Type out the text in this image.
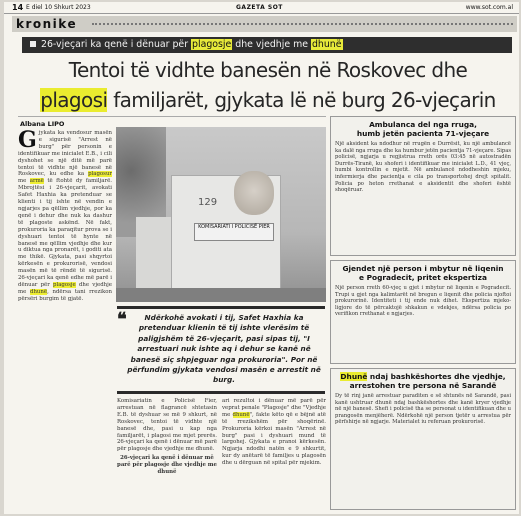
14 E diel 10 Shkurt 2023	GAZETA SOT	www.sot.com.al
kronike
26-vjeçari ka qenë i dënuar për plagosje dhe vjedhje me dhunë
Tentoi të vidhte banesën në Roskovec dhe
plagosi familjarët, gjykata lë në burg 26-vjeçarin
Albana LIPO
Gjykata ka vendosur masën e sigurisë "Arrest në burg" për personin e identifikuar me inicialet E.B., i cili dyshohet se një ditë më parë tentoi të vidhte një banesë në Roskovec, ku edhe ka plagosur me armë të ftohtë dy familjarë. Mbrojtësi i 26-vjeçarit, avokati Safet Haxhia ka pretenduar se klienti i tij ishte në vendin e ngjarjes pa qëllim vjedhje, por ka qenë i dehur dhe nuk ka dashur të plagoste askënd. Në fakt, prokuroria ka paraqitur prova se i dyshuari tentoi të hynte në banesë me qëllim vjedhje dhe kur u diktua nga pronarët, i goditi ata me thikë. Gjykata, pasi shqyrtoi kërkesën e prokurorisë, vendosi masën më të rëndë të sigurisë. 26-vjeçari ka qenë edhe më parë i dënuar për plagosje dhe vjedhje me dhunë, ndërsa tani rrezikon përsëri burgim të gjatë.
129
KOMISARIATI I POLICISË PIER
❝	Ndërkohë avokati i tij, Safet Haxhia ka pretenduar klienin të tij ishte vlerësim të paligjshëm të 26-vjeçarit, pasi sipas tij, "I arrestuari nuk ishte aq i dehur se kanë në banesë siç shpjeguar nga prokuroria". Por në përfundim gjykata vendosi masën e arrestit në burg.

Komisariatin e Policisë Fier, arrestuan në flagrancë shtetasin E.B. të dyshuar se më 9 shkurt, në Roskovec, tentoi të vidhte një banesë dhe, pasi u kap nga familjarët, i plagosi me mjet prerës. 26-vjeçari ka qenë i dënuar më parë për plagosje dhe vjedhje me dhunë.

26-vjeçari ka qenë i dënuar më parë për plagosje dhe vjedhje me dhunë

ari rezultoi i dënuar më parë për veprat penale "Plagosje" dhe "Vjedhje me dhunë", fakte këto që e bëjnë atë të rrezikshëm për shoqërinë. Prokuroria kërkoi masën "Arrest në burg" pasi i dyshuari mund të largohej. Gjykata e pranoi kërkesën. Ngjarja ndodhi natën e 9 shkurtit, kur dy anëtarë të familjes u plagosën dhe u dërguan në spital për mjekim.

Ambulanca del nga rruga,
humb jetën pacienta 71-vjeçare
Një aksident ka ndodhur në rrugën e Durrësit, ku një ambulancë ka dalë nga rruga dhe ka humbur jetën pacientja 71-vjeçare. Sipas policisë, ngjarja u regjistrua rreth orës 03:45 në autostradën Durrës-Tiranë, ku shoferi i identifikuar me inicialet L.D., 41 vjeç, humbi kontrollin e mjetit. Në ambulancë ndodheshin mjeku, infermierja dhe pacientja e cila po transportohej drejt spitalit. Policia po heton rrethanat e aksidentit dhe shoferi është shoqëruar.
Gjendet një person i mbytur në liqenin
e Pogradecit, pritet ekspertiza
Një person rreth 60-vjeç u gjet i mbytur në liqenin e Pogradecit. Trupi u gjet nga kalimtarët në bregun e liqenit dhe policia njoftoi prokurorinë. Identiteti i tij ende nuk dihet. Ekspertiza mjeko-ligjore do të përcaktojë shkakun e vdekjes, ndërsa policia po verifikon rrethanat e ngjarjes.
Dhunë ndaj bashkëshortes dhe vjedhje,
arrestohen tre persona në Sarandë
Dy të rinj janë arrestuar paraditen e së shtunës në Sarandë, pasi kanë ushtruar dhunë ndaj bashkëshortes dhe kanë kryer vjedhje në një banesë. Shefi i policisë tha se personat u identifikuan dhe u prangosën menjëherë. Ndërkohë një person tjetër u arrestua për përfshirje në ngjarje. Materialet iu referuan prokurorisë.
